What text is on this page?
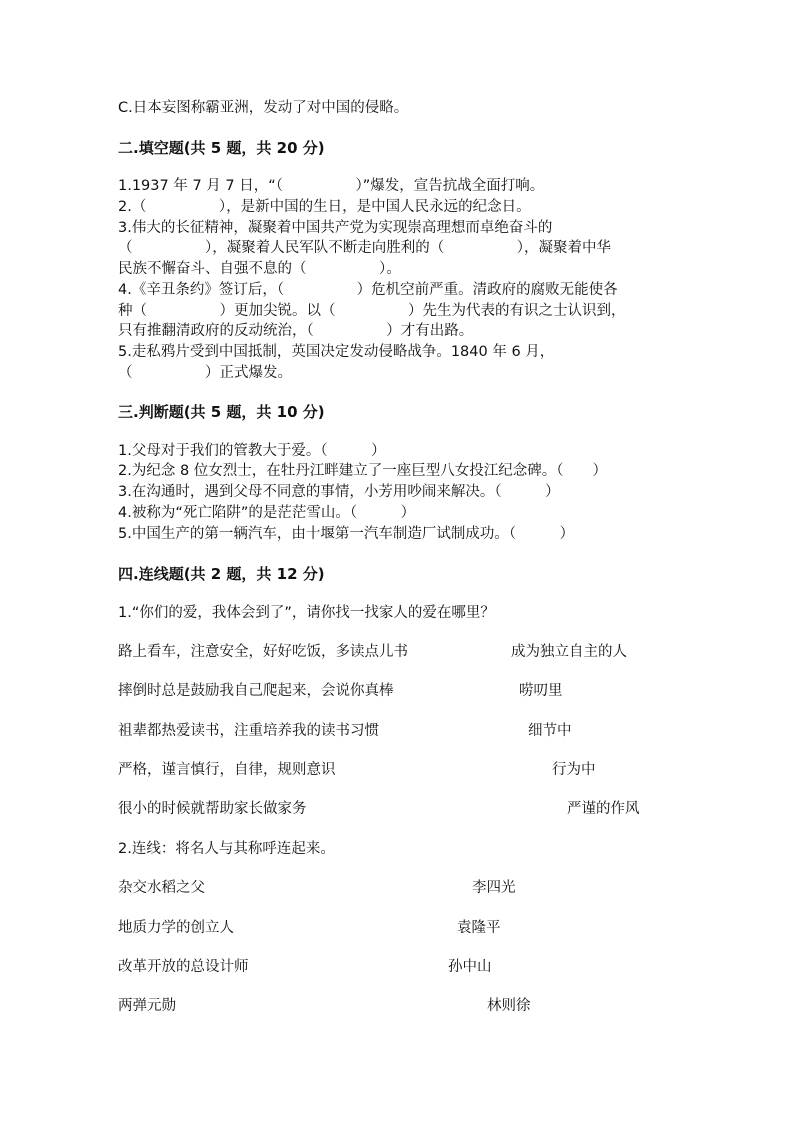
C.日本妄图称霸亚洲，发动了对中国的侵略。
二.填空题(共 5 题，共 20 分)
1.1937 年 7 月 7 日，“（　　　　　）”爆发，宣告抗战全面打响。
2.（　　　　　），是新中国的生日，是中国人民永远的纪念日。
3.伟大的长征精神，凝聚着中国共产党为实现崇高理想而卓绝奋斗的
（　　　　　），凝聚着人民军队不断走向胜利的（　　　　　），凝聚着中华
民族不懈奋斗、自强不息的（　　　　　）。
4.《辛丑条约》签订后，（　　　　　）危机空前严重。清政府的腐败无能使各
种（　　　　　）更加尖锐。以（　　　　　）先生为代表的有识之士认识到，
只有推翻清政府的反动统治，（　　　　　）才有出路。
5.走私鸦片受到中国抵制，英国决定发动侵略战争。1840 年 6 月，
（　　　　　）正式爆发。
三.判断题(共 5 题，共 10 分)
1.父母对于我们的管教大于爱。（　　　）
2.为纪念 8 位女烈士，在牡丹江畔建立了一座巨型八女投江纪念碑。（　　）
3.在沟通时，遇到父母不同意的事情，小芳用吵闹来解决。（　　　）
4.被称为“死亡陷阱”的是茫茫雪山。（　　　）
5.中国生产的第一辆汽车，由十堰第一汽车制造厂试制成功。（　　　）
四.连线题(共 2 题，共 12 分)
1.“你们的爱，我体会到了”，请你找一找家人的爱在哪里？
路上看车，注意安全，好好吃饭，多读点儿书	成为独立自主的人
摔倒时总是鼓励我自己爬起来，会说你真棒	唠叨里
祖辈都热爱读书，注重培养我的读书习惯	细节中
严格，谨言慎行，自律，规则意识	行为中
很小的时候就帮助家长做家务	严谨的作风
2.连线：将名人与其称呼连起来。
杂交水稻之父	李四光
地质力学的创立人	袁隆平
改革开放的总设计师	孙中山
两弹元勋	林则徐
